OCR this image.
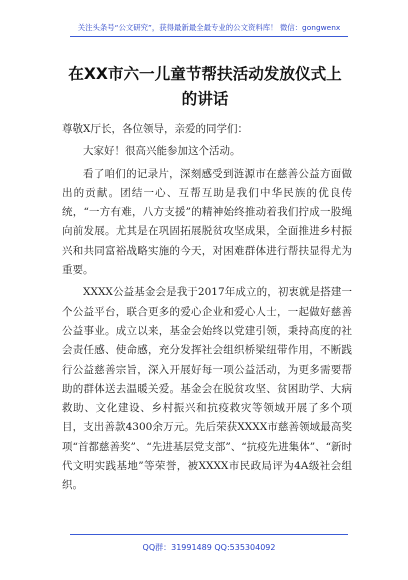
关注头条号“公文研究”，获得最新最全最专业的公文资料库！ 微信：gongwenx
在XX市六一儿童节帮扶活动发放仪式上
的讲话

尊敬X厅长，各位领导，亲爱的同学们：

大家好！很高兴能参加这个活动。

看了咱们的记录片，深刻感受到涟源市在慈善公益方面做出的贡献。团结一心、互帮互助是我们中华民族的优良传统，“一方有难，八方支援”的精神始终推动着我们拧成一股绳向前发展。尤其是在巩固拓展脱贫攻坚成果，全面推进乡村振兴和共同富裕战略实施的今天，对困难群体进行帮扶显得尤为重要。

XXXX公益基金会是我于2017年成立的，初衷就是搭建一个公益平台，联合更多的爱心企业和爱心人士，一起做好慈善公益事业。成立以来，基金会始终以党建引领，秉持高度的社会责任感、使命感，充分发挥社会组织桥梁纽带作用，不断践行公益慈善宗旨，深入开展好每一项公益活动，为更多需要帮助的群体送去温暖关爱。基金会在脱贫攻坚、贫困助学、大病救助、文化建设、乡村振兴和抗疫救灾等领域开展了多个项目，支出善款4300余万元。先后荣获XXXX市慈善领域最高奖项“首都慈善奖”、“先进基层党支部”、“抗疫先进集体”、“新时代文明实践基地”等荣誉，被XXXX市民政局评为4A级社会组织。

QQ群：31991489 QQ:535304092
